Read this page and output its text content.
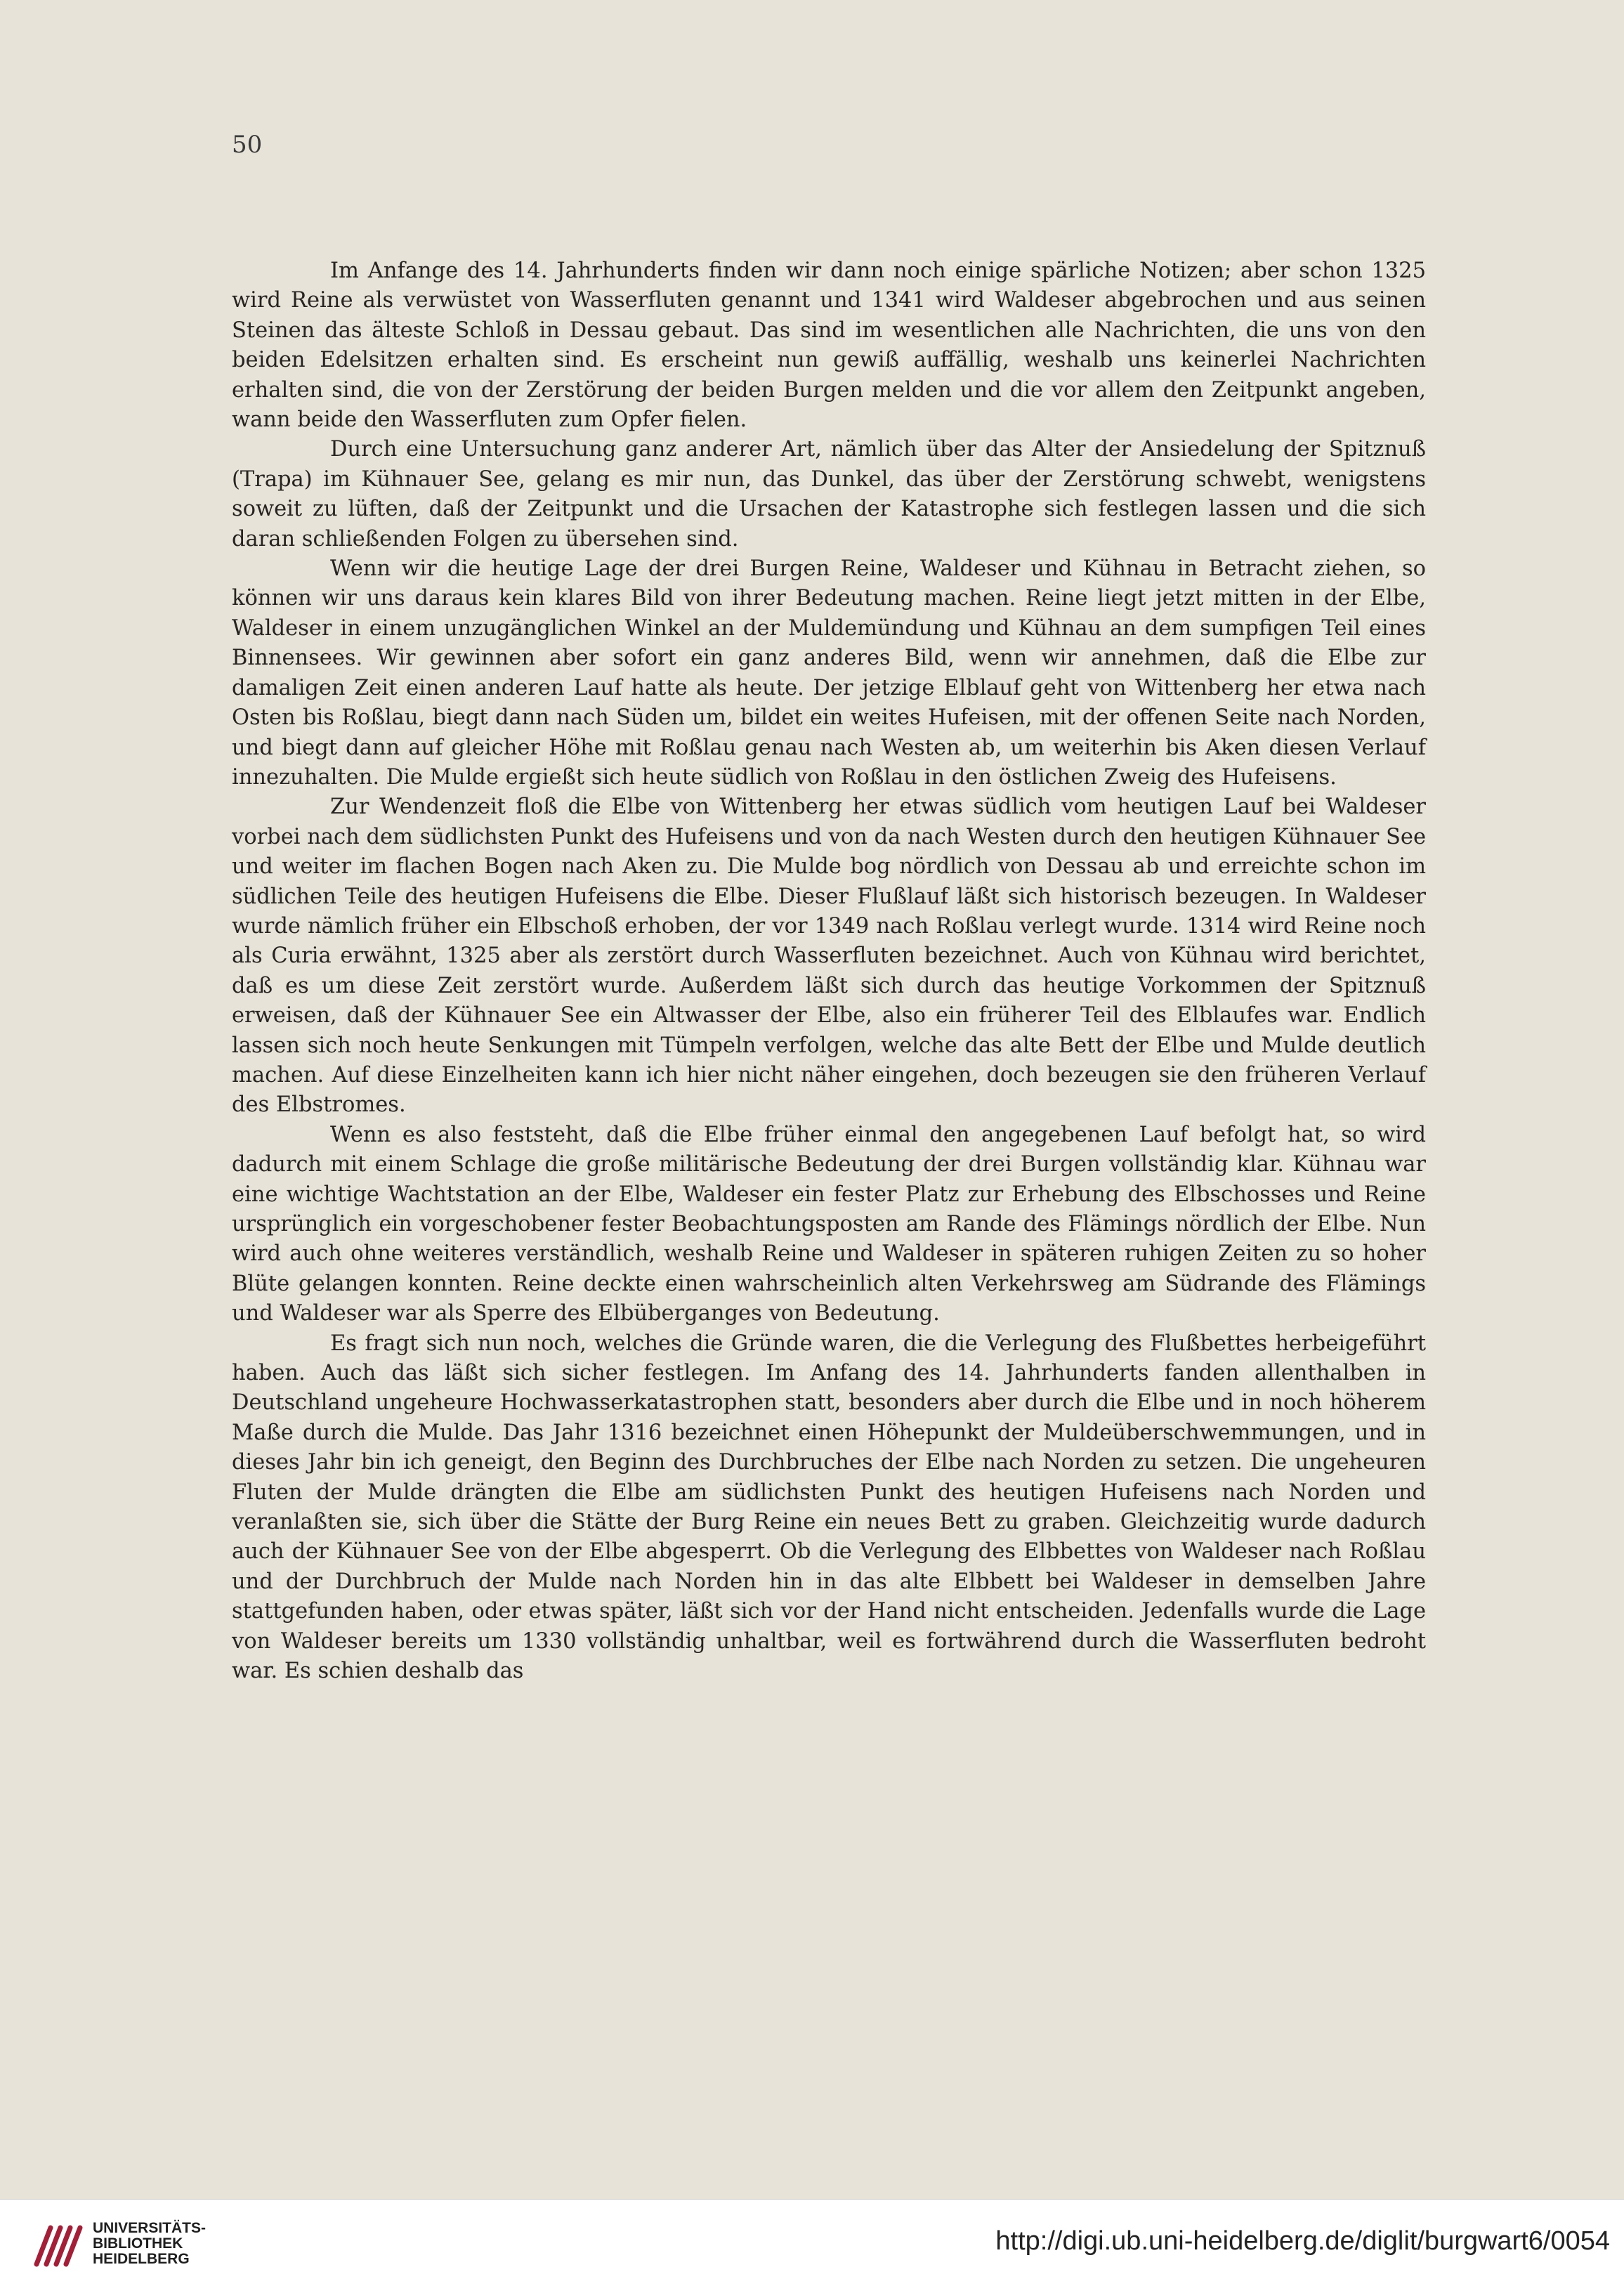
50

Im Anfange des 14. Jahrhunderts finden wir dann noch einige spärliche Notizen; aber schon 1325 wird Reine als verwüstet von Wasserfluten genannt und 1341 wird Waldeser abgebrochen und aus seinen Steinen das älteste Schloß in Dessau gebaut. Das sind im wesentlichen alle Nachrichten, die uns von den beiden Edelsitzen erhalten sind. Es erscheint nun gewiß auffällig, weshalb uns keinerlei Nachrichten erhalten sind, die von der Zerstörung der beiden Burgen melden und die vor allem den Zeitpunkt angeben, wann beide den Wasserfluten zum Opfer fielen.

Durch eine Untersuchung ganz anderer Art, nämlich über das Alter der Ansiedelung der Spitznuß (Trapa) im Kühnauer See, gelang es mir nun, das Dunkel, das über der Zerstörung schwebt, wenigstens soweit zu lüften, daß der Zeitpunkt und die Ursachen der Katastrophe sich festlegen lassen und die sich daran schließenden Folgen zu übersehen sind.

Wenn wir die heutige Lage der drei Burgen Reine, Waldeser und Kühnau in Betracht ziehen, so können wir uns daraus kein klares Bild von ihrer Bedeutung machen. Reine liegt jetzt mitten in der Elbe, Waldeser in einem unzugänglichen Winkel an der Muldemündung und Kühnau an dem sumpfigen Teil eines Binnensees. Wir gewinnen aber sofort ein ganz anderes Bild, wenn wir annehmen, daß die Elbe zur damaligen Zeit einen anderen Lauf hatte als heute. Der jetzige Elblauf geht von Wittenberg her etwa nach Osten bis Roßlau, biegt dann nach Süden um, bildet ein weites Hufeisen, mit der offenen Seite nach Norden, und biegt dann auf gleicher Höhe mit Roßlau genau nach Westen ab, um weiterhin bis Aken diesen Verlauf innezuhalten. Die Mulde ergießt sich heute südlich von Roßlau in den östlichen Zweig des Hufeisens.

Zur Wendenzeit floß die Elbe von Wittenberg her etwas südlich vom heutigen Lauf bei Waldeser vorbei nach dem südlichsten Punkt des Hufeisens und von da nach Westen durch den heutigen Kühnauer See und weiter im flachen Bogen nach Aken zu. Die Mulde bog nördlich von Dessau ab und erreichte schon im südlichen Teile des heutigen Hufeisens die Elbe. Dieser Flußlauf läßt sich historisch bezeugen. In Waldeser wurde nämlich früher ein Elbschoß erhoben, der vor 1349 nach Roßlau verlegt wurde. 1314 wird Reine noch als Curia erwähnt, 1325 aber als zerstört durch Wasserfluten bezeichnet. Auch von Kühnau wird berichtet, daß es um diese Zeit zerstört wurde. Außerdem läßt sich durch das heutige Vorkommen der Spitznuß erweisen, daß der Kühnauer See ein Altwasser der Elbe, also ein früherer Teil des Elblaufes war. Endlich lassen sich noch heute Senkungen mit Tümpeln verfolgen, welche das alte Bett der Elbe und Mulde deutlich machen. Auf diese Einzelheiten kann ich hier nicht näher eingehen, doch bezeugen sie den früheren Verlauf des Elbstromes.

Wenn es also feststeht, daß die Elbe früher einmal den angegebenen Lauf befolgt hat, so wird dadurch mit einem Schlage die große militärische Bedeutung der drei Burgen vollständig klar. Kühnau war eine wichtige Wachtstation an der Elbe, Waldeser ein fester Platz zur Erhebung des Elbschosses und Reine ursprünglich ein vorgeschobener fester Beobachtungsposten am Rande des Flämings nördlich der Elbe. Nun wird auch ohne weiteres verständlich, weshalb Reine und Waldeser in späteren ruhigen Zeiten zu so hoher Blüte gelangen konnten. Reine deckte einen wahrscheinlich alten Verkehrsweg am Südrande des Flämings und Waldeser war als Sperre des Elbüberganges von Bedeutung.

Es fragt sich nun noch, welches die Gründe waren, die die Verlegung des Flußbettes herbeigeführt haben. Auch das läßt sich sicher festlegen. Im Anfang des 14. Jahrhunderts fanden allenthalben in Deutschland ungeheure Hochwasserkatastrophen statt, besonders aber durch die Elbe und in noch höherem Maße durch die Mulde. Das Jahr 1316 bezeichnet einen Höhepunkt der Muldeüberschwemmungen, und in dieses Jahr bin ich geneigt, den Beginn des Durchbruches der Elbe nach Norden zu setzen. Die ungeheuren Fluten der Mulde drängten die Elbe am südlichsten Punkt des heutigen Hufeisens nach Norden und veranlaßten sie, sich über die Stätte der Burg Reine ein neues Bett zu graben. Gleichzeitig wurde dadurch auch der Kühnauer See von der Elbe abgesperrt. Ob die Verlegung des Elbbettes von Waldeser nach Roßlau und der Durchbruch der Mulde nach Norden hin in das alte Elbbett bei Waldeser in demselben Jahre stattgefunden haben, oder etwas später, läßt sich vor der Hand nicht entscheiden. Jedenfalls wurde die Lage von Waldeser bereits um 1330 vollständig unhaltbar, weil es fortwährend durch die Wasserfluten bedroht war. Es schien deshalb das

UNIVERSITÄTS-
BIBLIOTHEK
HEIDELBERG
http://digi.ub.uni-heidelberg.de/diglit/burgwart6/0054
